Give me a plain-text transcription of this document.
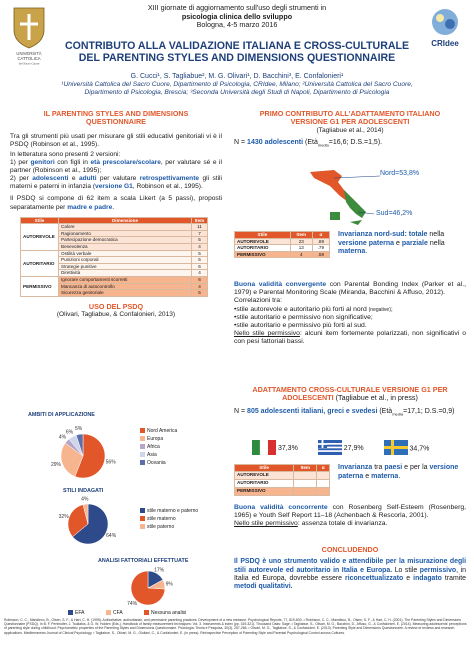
UNIVERSITÀ
CATTOLICA
del Sacro Cuore
CRIdee
XIII giornate di aggiornamento sull'uso degli strumenti in
psicologia clinica dello sviluppo
Bologna, 4-5 marzo 2016
CONTRIBUTO ALLA VALIDAZIONE ITALIANA E CROSS-CULTURALE
DEL PARENTING STYLES AND DIMENSIONS QUESTIONNAIRE
G. Cucci¹, S. Tagliabue², M. G. Olivari¹, D. Bacchini³, E. Confalonieri¹
¹Università Cattolica del Sacro Cuore, Dipartimento di Psicologia, CRIdee, Milano; ²Università Cattolica del Sacro Cuore,
Dipartimento di Psicologia, Brescia; ³Seconda Università degli Studi di Napoli, Dipartimento di Psicologia
IL PARENTING STYLES AND DIMENSIONS QUESTIONNAIRE

Tra gli strumenti più usati per misurare gli stili educativi genitoriali vi è il PSDQ (Robinson et al., 1995).

In letteratura sono presenti 2 versioni:

1) per genitori con figli in età prescolare/scolare, per valutare sé e il partner (Robinson et al., 1995);

2) per adolescenti e adulti per valutare retrospettivamente gli stili materni e paterni in infanzia (versione G1, Robinson et al., 1995).

Il PSDQ si compone di 62 item a scala Likert (a 5 passi), proposti separatamente per madre e padre.

Stile	Dimensione	Item
AUTOREVOLE	Calore	11
	Ragionamento	7
	Partecipazione democratica	5
	Benevolenza	4
AUTORITARIO	Ostilità verbale	5
	Punizioni corporali	5
	Strategie punitive	6
	Direttività	4
PERMISSIVO	Ignorare comportamenti scorretti	6
	Mancanza di autocontrollo	4
	Sicurezza genitoriale	5
USO DEL PSDQ
(Olivari, Tagliabue, & Confalonieri, 2013)
AMBITI DI APPLICAZIONE
56%
29%
4%
6%
5%	Nord America
Europa
Africa
Asia
Oceania
STILI INDAGATI
64%
32%
4%
stile materno e paterno
stile materno
stile paterno
ANALISI FATTORIALI EFFETTUATE
17%
9%
74%
EFA	CFA	Nessuna analisi
PRIMO CONTRIBUTO ALL'ADATTAMENTO ITALIANO VERSIONE G1 PER ADOLESCENTI
(Tagliabue et al., 2014)
N = 1430 adolescenti (Età$_{media}$=16,6; D.S.=1,5).
Nord=53,8%
Sud=46,2%
Stile	Item	α
AUTOREVOLE	23	.89
AUTORITARIO	13	.79
PERMISSIVO	4	.58
Invarianza nord-sud: totale nella versione paterna e parziale nella materna.

Buona validità convergente con Parental Bonding Index (Parker et al., 1979) e Parental Monitoring Scale (Miranda, Bacchini & Affuso, 2012).

Correlazioni tra:

•stile autorevole e autoritario più forti al nord (negative);

•stile autoritario e permissivo non significative;

•stile autoritario e permissivo più forti al sud.

Nello stile permissivo: alcuni item fortemente polarizzati, non significativi o con pesi fattoriali bassi.

ADATTAMENTO CROSS-CULTURALE VERSIONE G1 PER ADOLESCENTI (Tagliabue et al., in press)
N = 805 adolescenti italiani, greci e svedesi (Età$_{media}$=17,1; D.S.=0,9)
37,3%	27,9%	34,7%
Stile	Item	α
AUTOREVOLE		
AUTORITARIO		
PERMISSIVO		
Invarianza tra paesi e per la versione paterna e materna.

Buona validità concorrente con Rosenberg Self-Esteem (Rosenberg, 1965) e Youth Self Report 11–18 (Achenbach & Rescorla, 2001).

Nello stile permissivo: assenza totale di invarianza.

CONCLUDENDO
Il PSDQ è uno strumento valido e attendibile per la misurazione degli stili autorevole ed autoritario in Italia e Europa. Lo stile permissivo, in Italia ed Europa, dovrebbe essere riconcettualizzato e indagato tramite metodi qualitativi.
Robinson, C. C., Mandleco, B., Olsen, S. F., & Hart, C. H. (1995). Authoritative, authoritarian, and permissive parenting practices: Development of a new measure. Psychological Reports, 77, 819-830. • Robinson, C. C., Mandleco, B., Olsen, S. F., & Hart, C. H. (2001). The Parenting Styles and Dimensions Questionnaire (PSDQ). In B. F. Perlmutter, J. Touliatos, & G. W. Holden (Eds.), Handbook of family measurement techniques: Vol. 3. Instruments & index (pp. 319-321). Thousand Oaks: Sage. • Tagliabue, S., Olivari, M. G., Bacchini, D., Affuso, G., & Confalonieri, E. (2014). Measuring adolescents' perceptions of parenting style during childhood: Psychometric properties of the Parenting Styles and Dimensions Questionnaire. Psicologia: Teoria e Pesquisa, 30(3), 257-266. • Olivari, M. G., Tagliabue, S., & Confalonieri, E. (2013). Parenting Style and Dimensions Questionnaire: A review of reviews and research applications. Mediterranean Journal of Clinical Psychology. • Tagliabue, S., Olivari, M. G., Giuliani, C., & Confalonieri, E. (in press). Retrospective Perception of Parenting Style and Parental Psychological Control across Cultures.
